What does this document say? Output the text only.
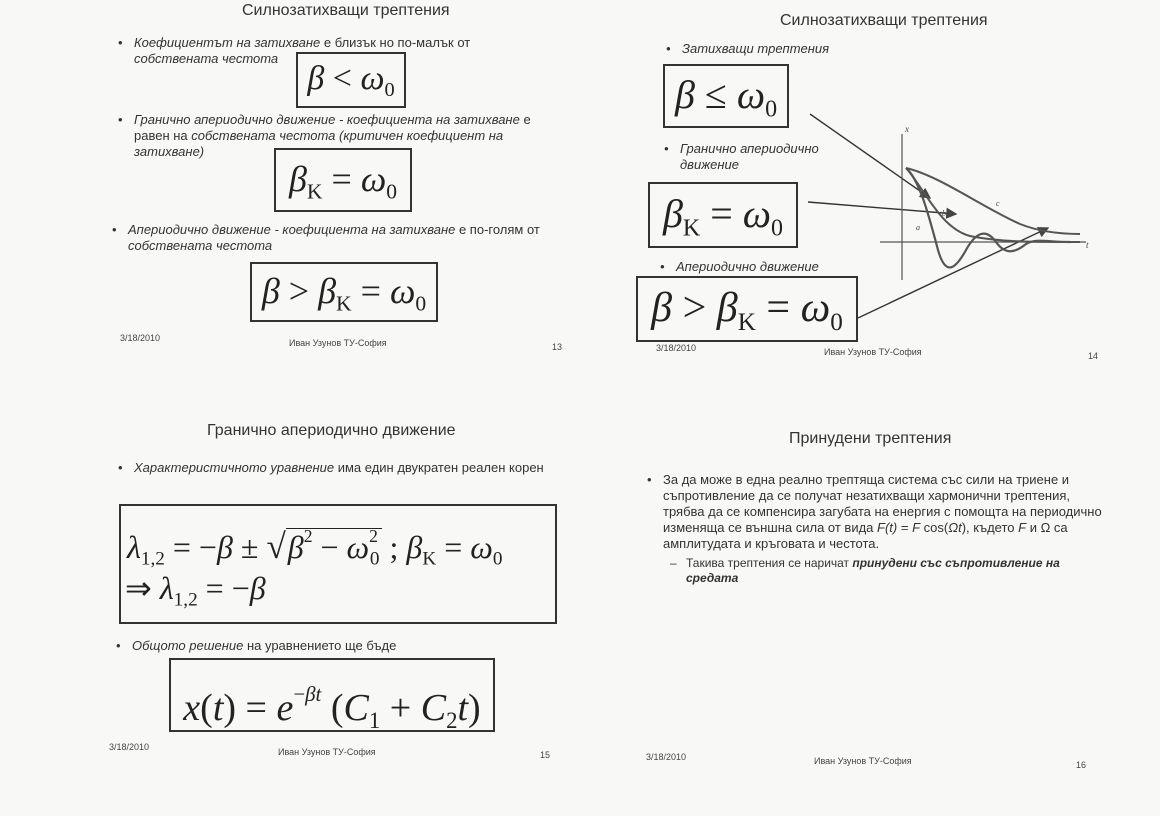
Силнозатихващи трептения
• Коефициентът на затихване е близък но по-малък от собствената честота
$\beta < \omega_0$
• Гранично апериодично движение - коефициента на затихване е равен на собствената честота (критичен коефициент на затихване)
$\beta_K = \omega_0$
• Апериодично движение - коефициента на затихване е по-голям от собствената честота
$\beta > \beta_K = \omega_0$
3/18/2010	Иван Узунов ТУ-София	13
Силнозатихващи трептения
• Затихващи трептения
$\beta \le \omega_0$
• Гранично апериодично движение
$\beta_K = \omega_0$
• Апериодично движение
$\beta > \beta_K = \omega_0$
x
t
a
b
c
3/18/2010	Иван Узунов ТУ-София	14
Гранично апериодично движение
• Характеристичното уравнение има един двукратен реален корен
$\lambda_{1,2} = -\beta \pm √\beta^2 - \omega^2_0$ ; $\beta_K = \omega_0$
⇒ $\lambda_{1,2} = -\beta$
• Общото решение на уравнението ще бъде
$x(t) = e^{-\beta t}$ $(C_1 + C_2t)$
3/18/2010	Иван Узунов ТУ-София	15
Принудени трептения
• За да може в една реално трептяща система със сили на триене и съпротивление да се получат незатихващи хармонични трептения, трябва да се компенсира загубата на енергия с помощта на периодично изменяща се външна сила от вида F(t) = F cos(Ωt), където F и Ω са амплитудата и кръговата и честота.
– Такива трептения се наричат принудени със съпротивление на средата
3/18/2010	Иван Узунов ТУ-София	16
